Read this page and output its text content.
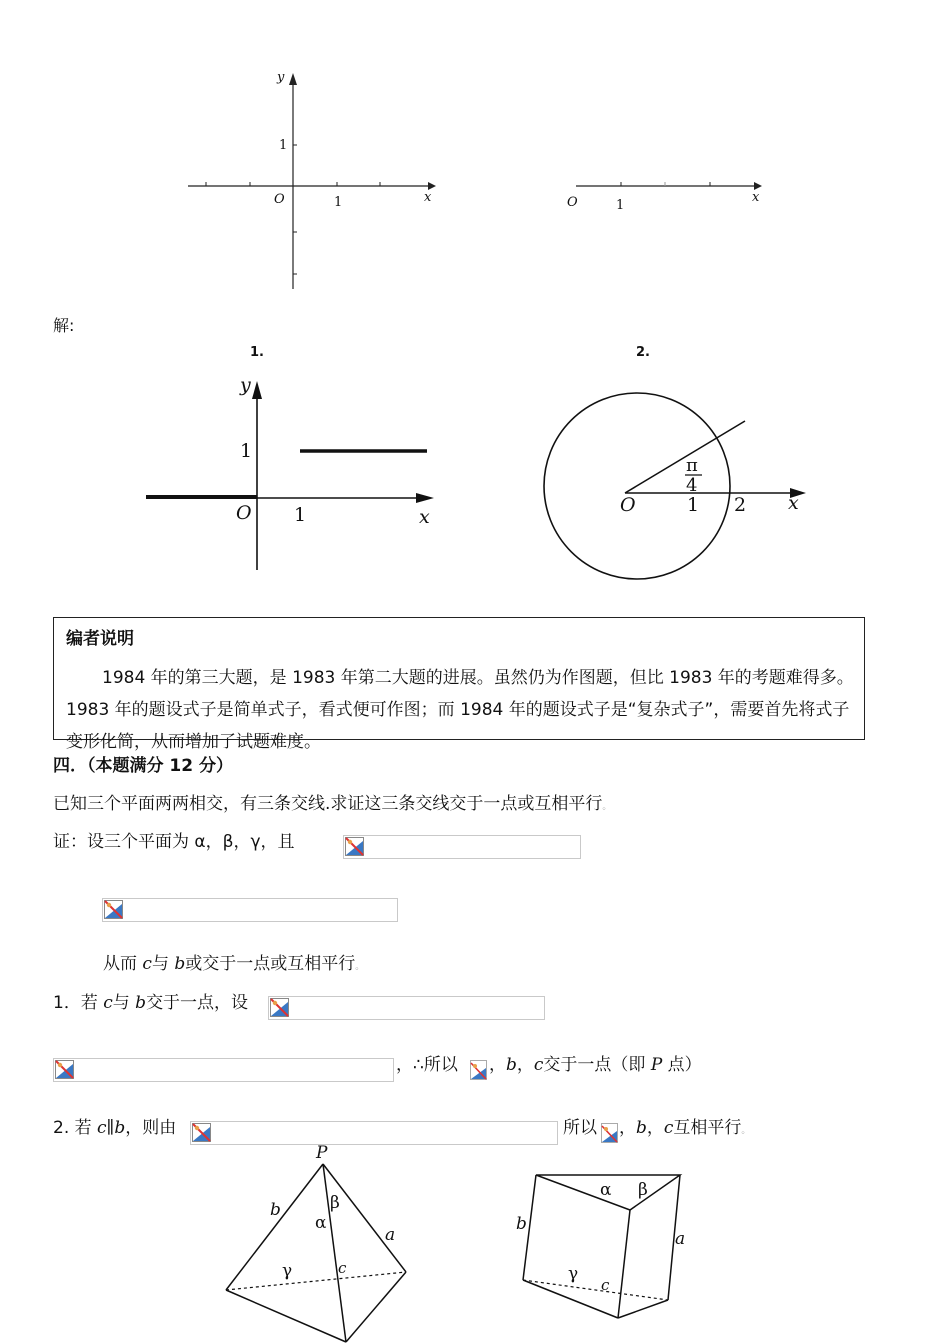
y
1
O	1	x	O	1
x
解:
1.	2.
y
1
O 1	x
π
4
O	1 2 x
编者说明

1984 年的第三大题，是 1983 年第二大题的进展。虽然仍为作图题，但比 1983 年的考题难得多。1983 年的题设式子是简单式子，看式便可作图；而 1984 年的题设式子是“复杂式子”，需要首先将式子变形化简，从而增加了试题难度。

四．（本题满分 12 分）
已知三个平面两两相交，有三条交线.求证这三条交线交于一点或互相平行。
证：设三个平面为 α，β，γ，且
从而 c与 b或交于一点或互相平行。
1．若 c与 b交于一点，设
，∴所以 ，b，c交于一点（即 P 点）
2. 若 c∥b，则由	所以 ，b，c互相平行。
P
b
α
β
a
γ	c
α β
b
a
γ
c
